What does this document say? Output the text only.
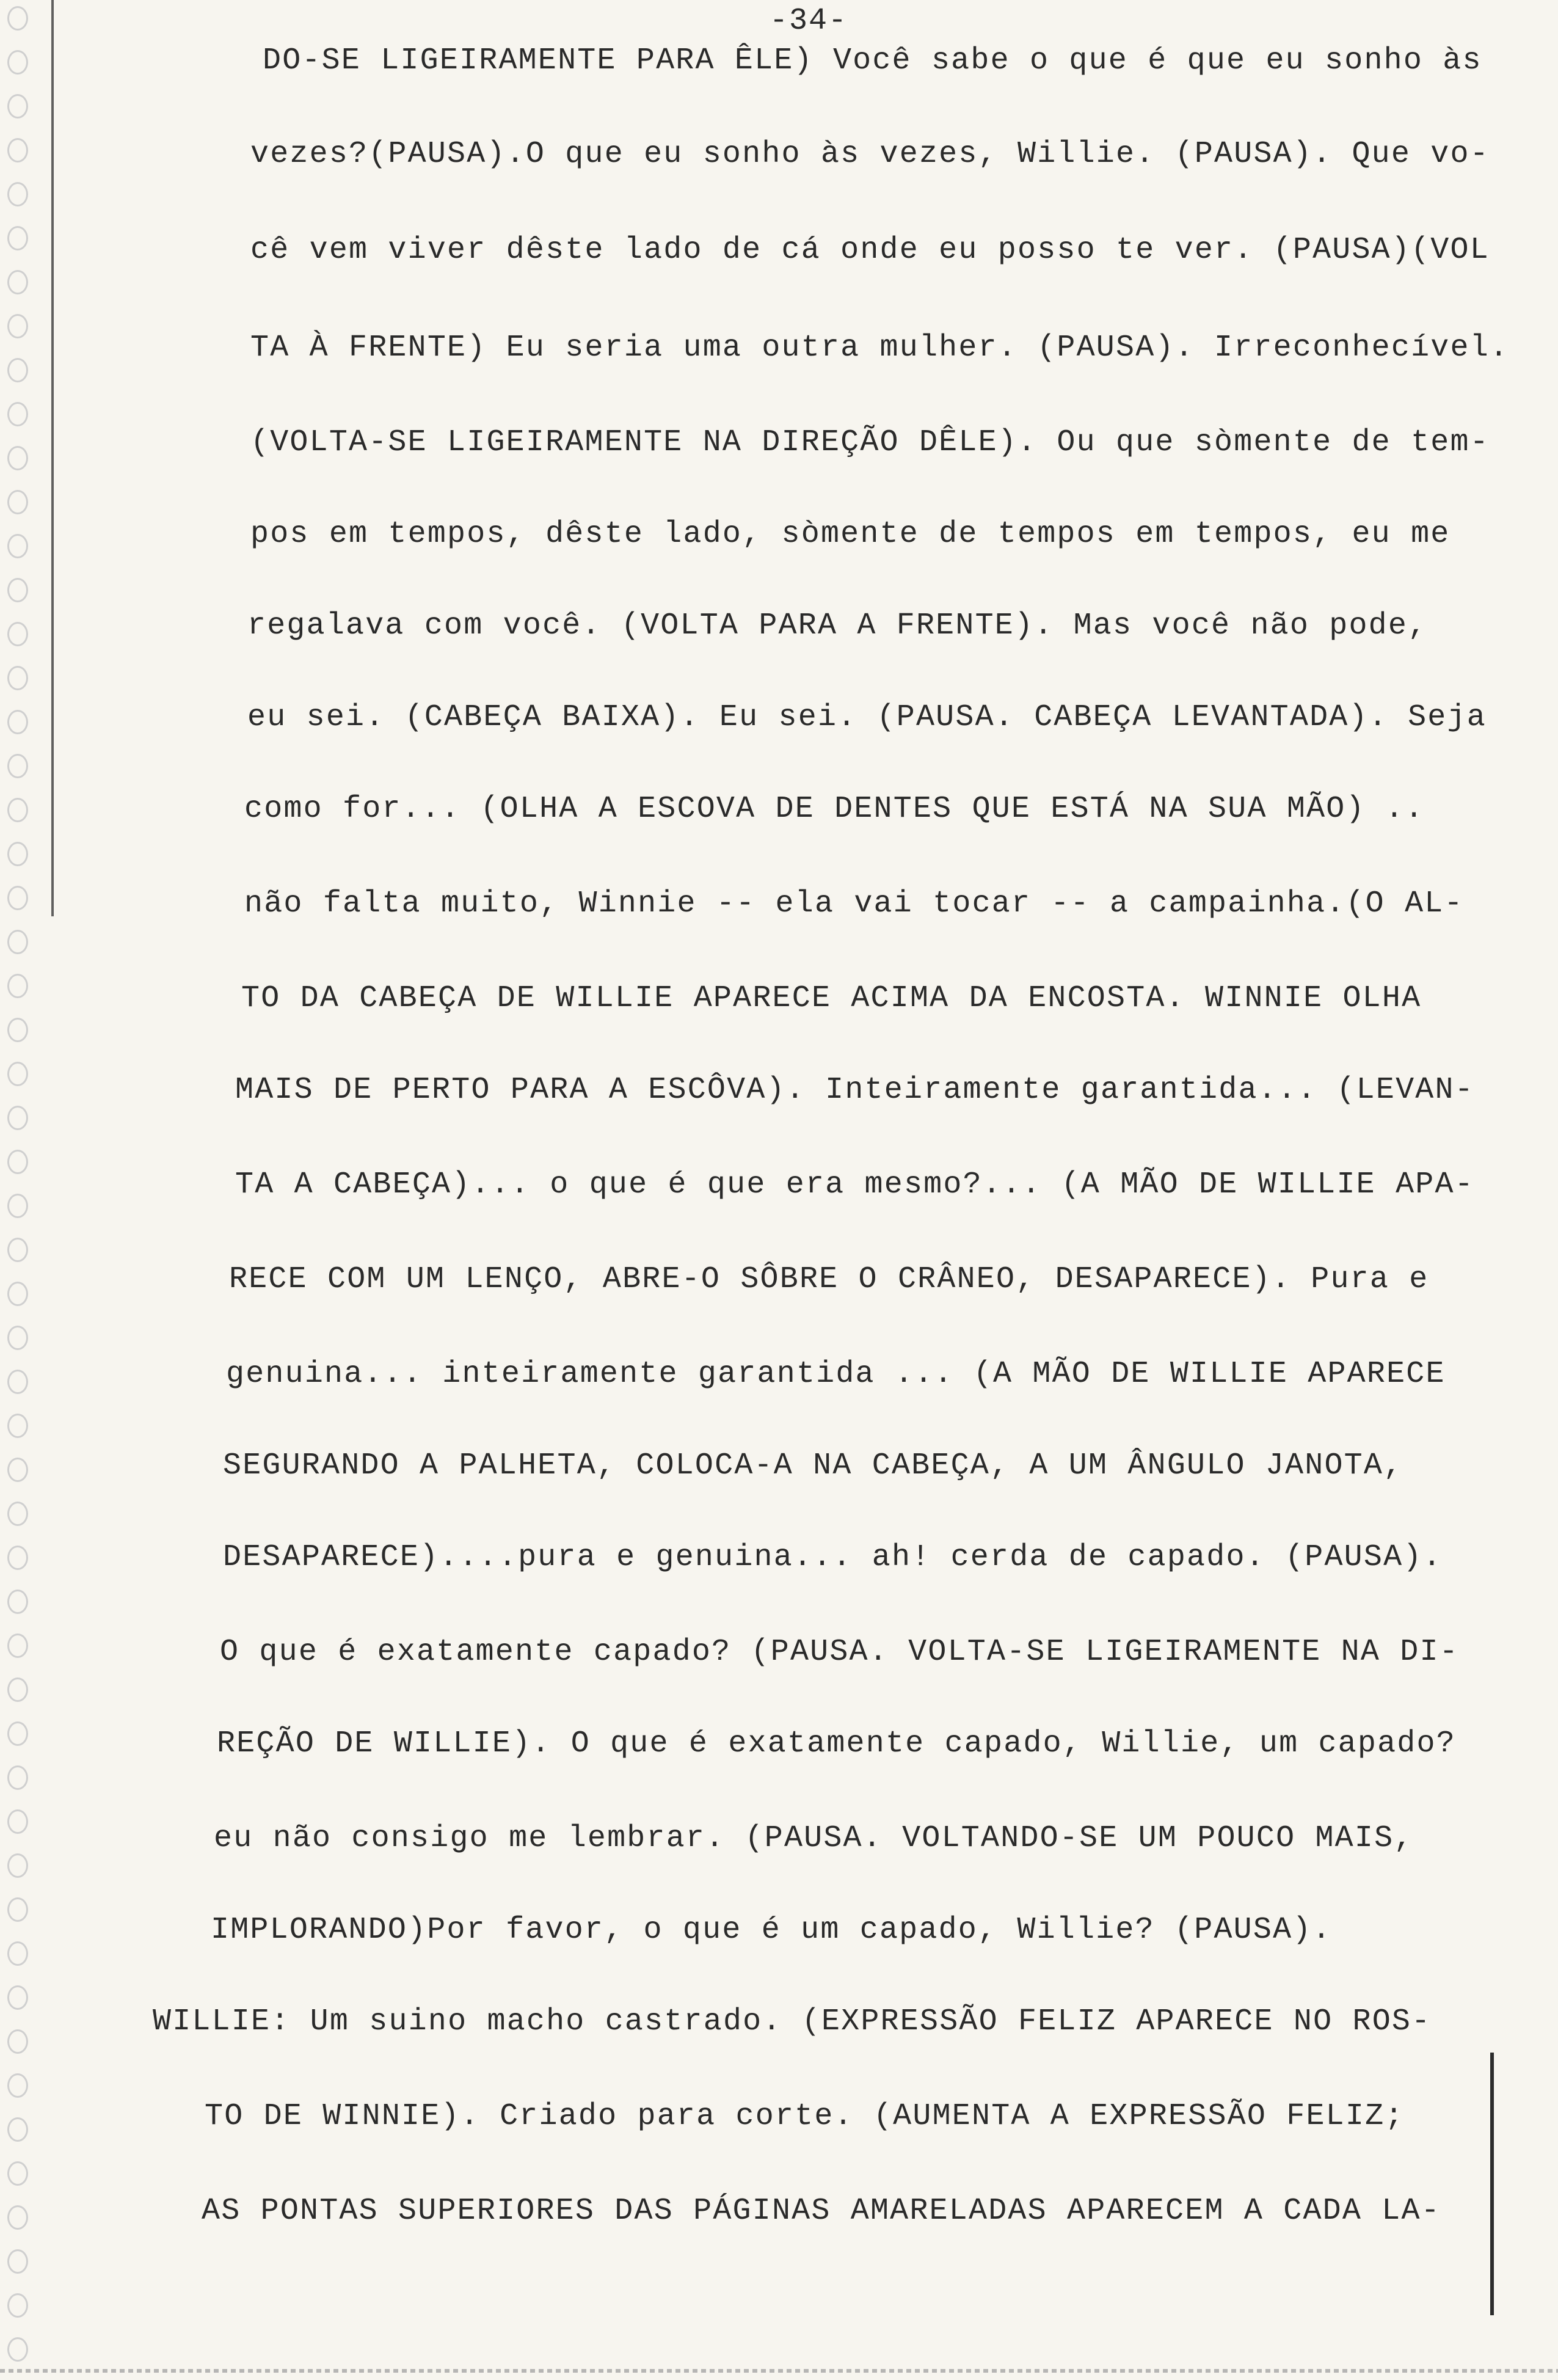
-34-
DO-SE LIGEIRAMENTE PARA ÊLE) Você sabe o que é que eu sonho às
vezes?(PAUSA).O que eu sonho às vezes, Willie. (PAUSA). Que vo-
cê vem viver dêste lado de cá onde eu posso te ver. (PAUSA)(VOL
TA À FRENTE) Eu seria uma outra mulher. (PAUSA). Irreconhecível.
(VOLTA-SE LIGEIRAMENTE NA DIREÇÃO DÊLE). Ou que sòmente de tem-
pos em tempos, dêste lado, sòmente de tempos em tempos, eu me
regalava com você. (VOLTA PARA A FRENTE). Mas você não pode,
eu sei. (CABEÇA BAIXA). Eu sei. (PAUSA. CABEÇA LEVANTADA). Seja
como for... (OLHA A ESCOVA DE DENTES QUE ESTÁ NA SUA MÃO) ..
não falta muito, Winnie -- ela vai tocar -- a campainha.(O AL-
TO DA CABEÇA DE WILLIE APARECE ACIMA DA ENCOSTA. WINNIE OLHA
MAIS DE PERTO PARA A ESCÔVA). Inteiramente garantida... (LEVAN-
TA A CABEÇA)... o que é que era mesmo?... (A MÃO DE WILLIE APA-
RECE COM UM LENÇO, ABRE-O SÔBRE O CRÂNEO, DESAPARECE). Pura e
genuina... inteiramente garantida ... (A MÃO DE WILLIE APARECE
SEGURANDO A PALHETA, COLOCA-A NA CABEÇA, A UM ÂNGULO JANOTA,
DESAPARECE)....pura e genuina... ah! cerda de capado. (PAUSA).
O que é exatamente capado? (PAUSA. VOLTA-SE LIGEIRAMENTE NA DI-
REÇÃO DE WILLIE). O que é exatamente capado, Willie, um capado?
eu não consigo me lembrar. (PAUSA. VOLTANDO-SE UM POUCO MAIS,
IMPLORANDO)Por favor, o que é um capado, Willie? (PAUSA).
WILLIE: Um suino macho castrado. (EXPRESSÃO FELIZ APARECE NO ROS-
TO DE WINNIE). Criado para corte. (AUMENTA A EXPRESSÃO FELIZ;
AS PONTAS SUPERIORES DAS PÁGINAS AMARELADAS APARECEM A CADA LA-
